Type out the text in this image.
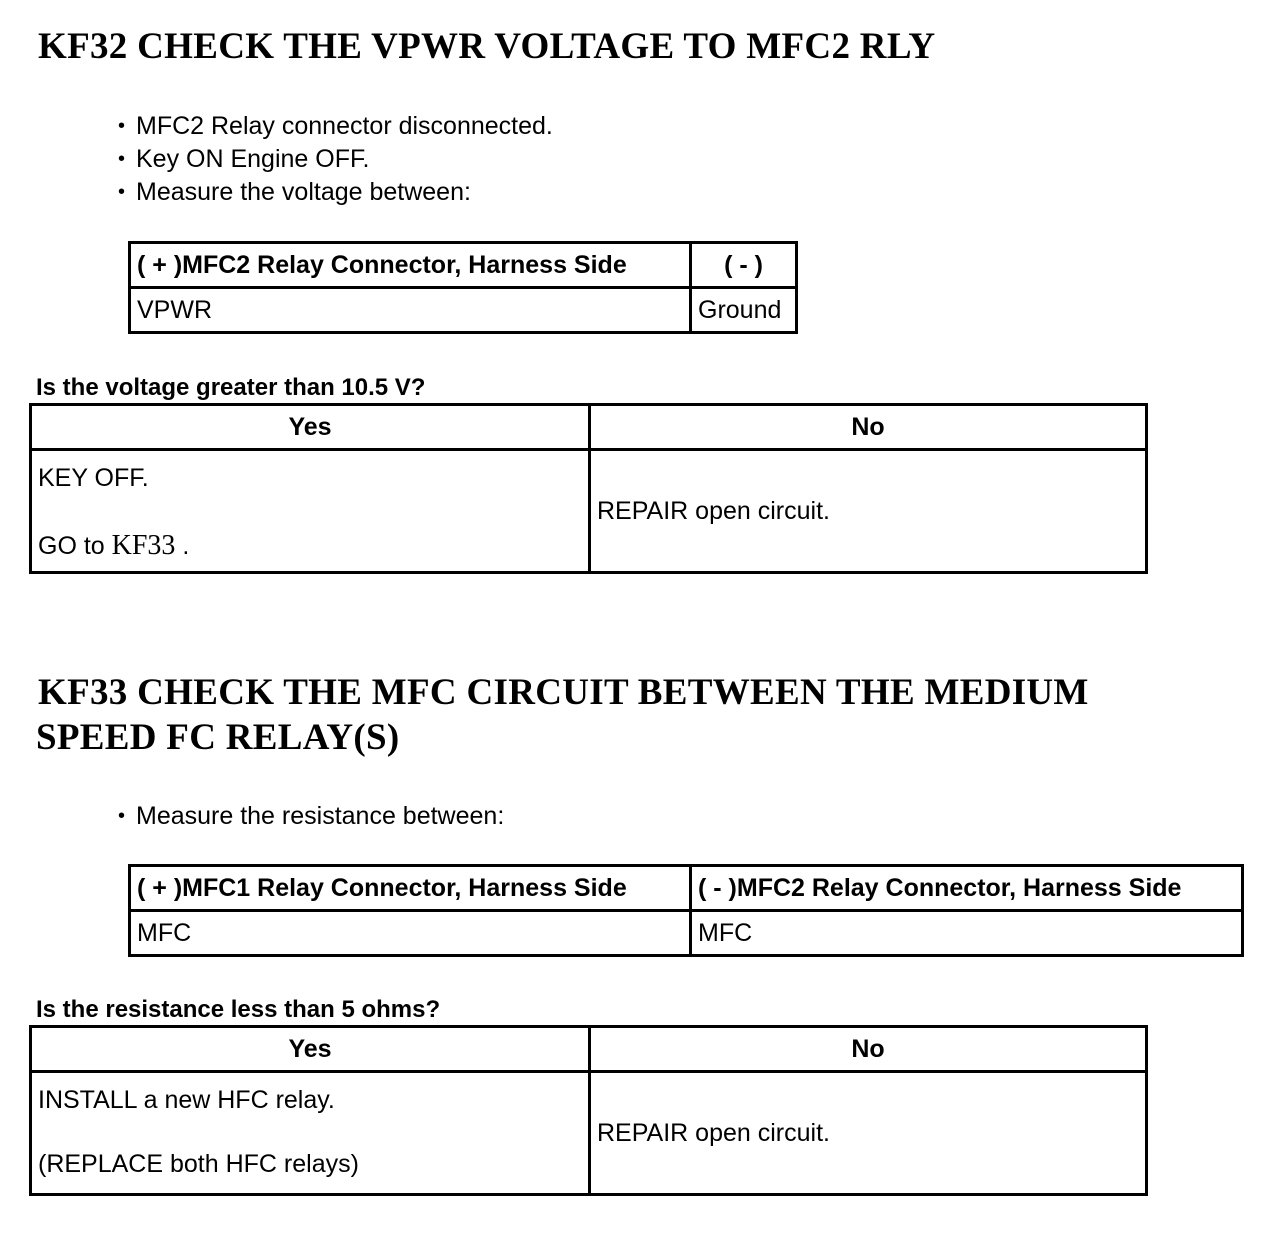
KF32 CHECK THE VPWR VOLTAGE TO MFC2 RLY
• MFC2 Relay connector disconnected.
• Key ON Engine OFF.
• Measure the voltage between:
( + )MFC2 Relay Connector, Harness Side	( - )
VPWR	Ground
Is the voltage greater than 10.5 V?
Yes	No

KEY OFF.
GO to KF33 .	REPAIR open circuit.
KF33 CHECK THE MFC CIRCUIT BETWEEN THE MEDIUM
SPEED FC RELAY(S)
• Measure the resistance between:
( + )MFC1 Relay Connector, Harness Side	( - )MFC2 Relay Connector, Harness Side
MFC	MFC
Is the resistance less than 5 ohms?
Yes	No

INSTALL a new HFC relay.
(REPLACE both HFC relays)	REPAIR open circuit.
